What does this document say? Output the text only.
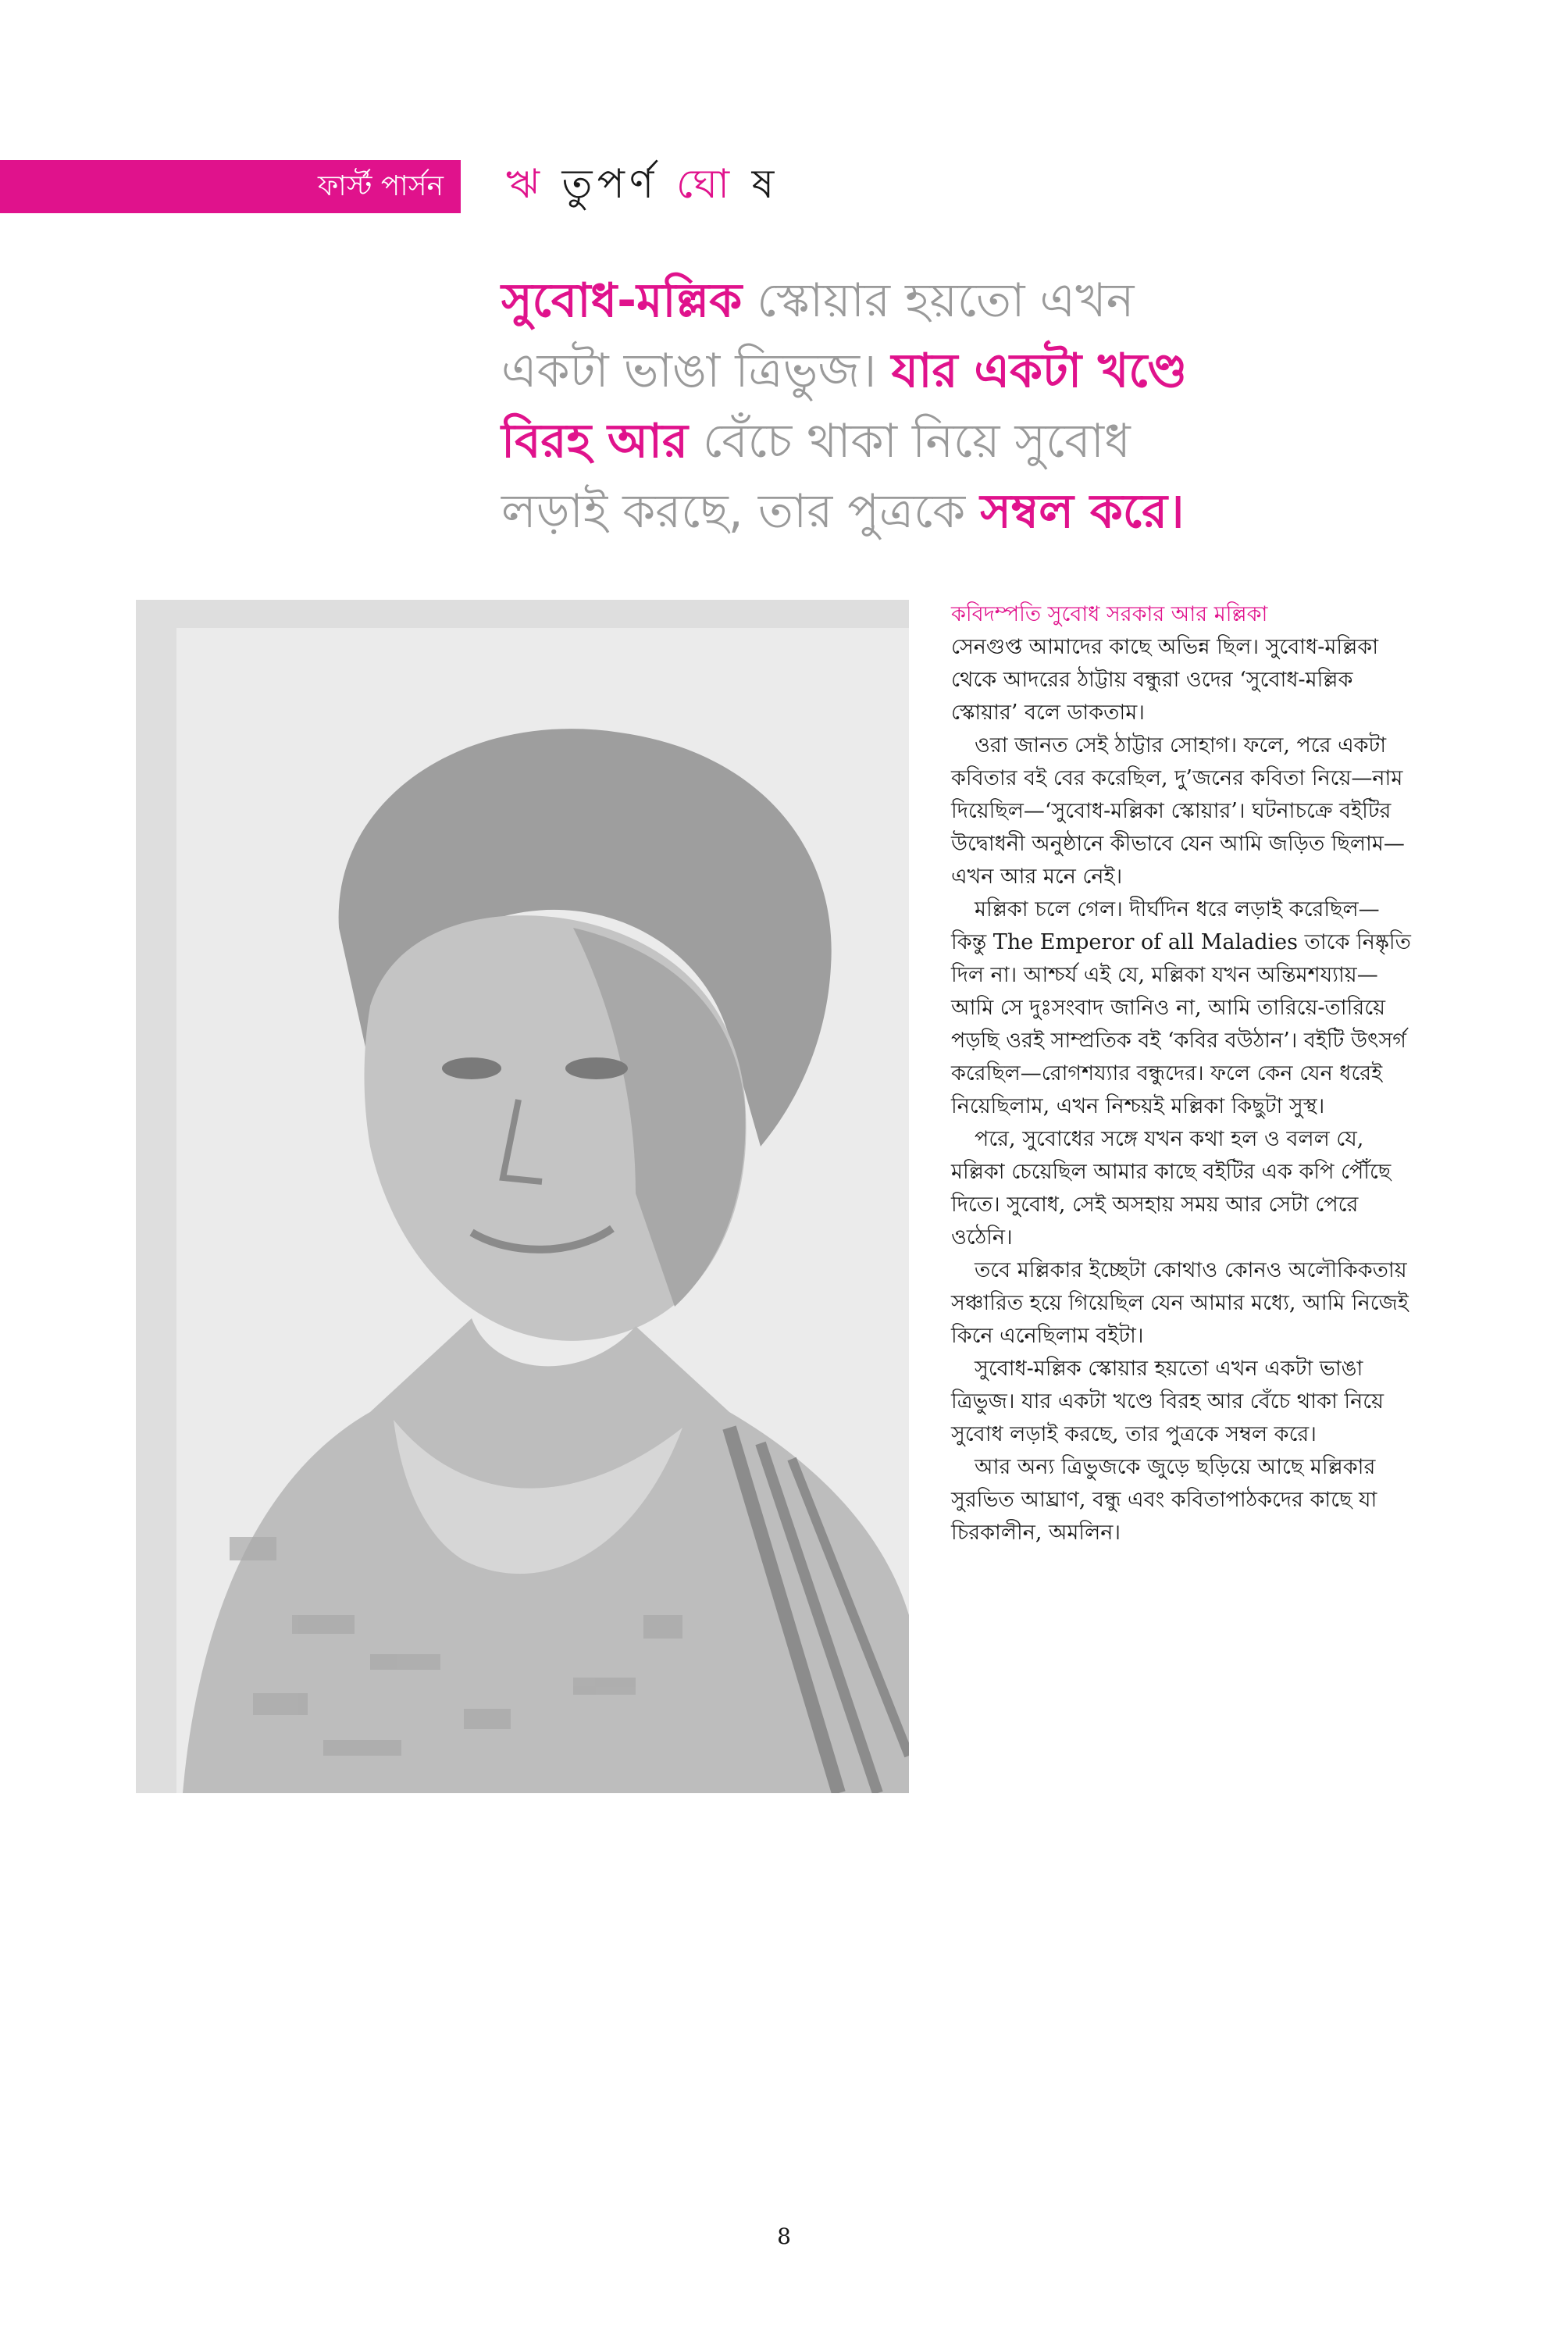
ফার্স্ট পার্সন ঋ তুপর্ণ ঘো ষ
সুবোধ-মল্লিক স্কোয়ার হয়তো এখন
একটা ভাঙা ত্রিভুজ। যার একটা খণ্ডে
বিরহ আর বেঁচে থাকা নিয়ে সুবোধ
লড়াই করছে, তার পুত্রকে সম্বল করে।

কবিদম্পতি সুবোধ সরকার আর মল্লিকা
সেনগুপ্ত আমাদের কাছে অভিন্ন ছিল। সুবোধ-মল্লিকা থেকে আদরের ঠাট্টায় বন্ধুরা ওদের ‘সুবোধ-মল্লিক স্কোয়ার’ বলে ডাকতাম।

ওরা জানত সেই ঠাট্টার সোহাগ। ফলে, পরে একটা কবিতার বই বের করেছিল, দু’জনের কবিতা নিয়ে—নাম দিয়েছিল—‘সুবোধ-মল্লিকা স্কোয়ার’। ঘটনাচক্রে বইটির উদ্বোধনী অনুষ্ঠানে কীভাবে যেন আমি জড়িত ছিলাম—এখন আর মনে নেই।

মল্লিকা চলে গেল। দীর্ঘদিন ধরে লড়াই করেছিল—কিন্তু The Emperor of all Maladies তাকে নিষ্কৃতি দিল না। আশ্চর্য এই যে, মল্লিকা যখন অন্তিমশয্যায়—আমি সে দুঃসংবাদ জানিও না, আমি তারিয়ে-তারিয়ে পড়ছি ওরই সাম্প্রতিক বই ‘কবির বউঠান’। বইটি উৎসর্গ করেছিল—রোগশয্যার বন্ধুদের। ফলে কেন যেন ধরেই নিয়েছিলাম, এখন নিশ্চয়ই মল্লিকা কিছুটা সুস্থ।

পরে, সুবোধের সঙ্গে যখন কথা হল ও বলল যে, মল্লিকা চেয়েছিল আমার কাছে বইটির এক কপি পৌঁছে দিতে। সুবোধ, সেই অসহায় সময় আর সেটা পেরে ওঠেনি।

তবে মল্লিকার ইচ্ছেটা কোথাও কোনও অলৌকিকতায় সঞ্চারিত হয়ে গিয়েছিল যেন আমার মধ্যে, আমি নিজেই কিনে এনেছিলাম বইটা।

সুবোধ-মল্লিক স্কোয়ার হয়তো এখন একটা ভাঙা ত্রিভুজ। যার একটা খণ্ডে বিরহ আর বেঁচে থাকা নিয়ে সুবোধ লড়াই করছে, তার পুত্রকে সম্বল করে।

আর অন্য ত্রিভুজকে জুড়ে ছড়িয়ে আছে মল্লিকার সুরভিত আঘ্রাণ, বন্ধু এবং কবিতাপাঠকদের কাছে যা চিরকালীন, অমলিন।

8
